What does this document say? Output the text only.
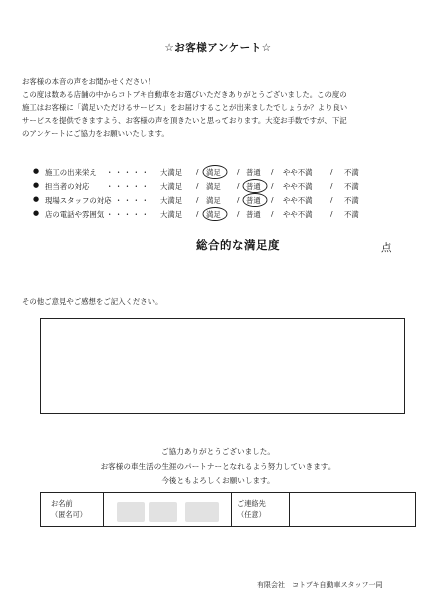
☆お客様アンケート☆
お客様の本音の声をお聞かせください！
この度は数ある店舗の中からコトブキ自動車をお選びいただきありがとうございました。この度の
施工はお客様に「満足いただけるサービス」をお届けすることが出来ましたでしょうか？より良い
サービスを提供できますよう、お客様の声を頂きたいと思っております。大変お手数ですが、下記
のアンケートにご協力をお願いいたします。
● 施工の出来栄え ・・・・・ 大満足 / 満足 / 普通 / やや不満 / 不満
● 担当者の対応 ・・・・・ 大満足 / 満足 / 普通 / やや不満 / 不満
● 現場スタッフの対応
・・・・・ 大満足 / 満足 / 普通 / やや不満 / 不満
● 店の電話や雰囲気 ・・・・・ 大満足 / 満足 / 普通 / やや不満 / 不満
総合的な満足度	点
その他ご意見やご感想をご記入ください。
ご協力ありがとうございました。
お客様の車生活の生涯のパートナーとなれるよう努力していきます。
今後ともよろしくお願いします。
お名前
（匿名可）
ご連絡先
（任意）
有限会社　コトブキ自動車スタッフ一同
